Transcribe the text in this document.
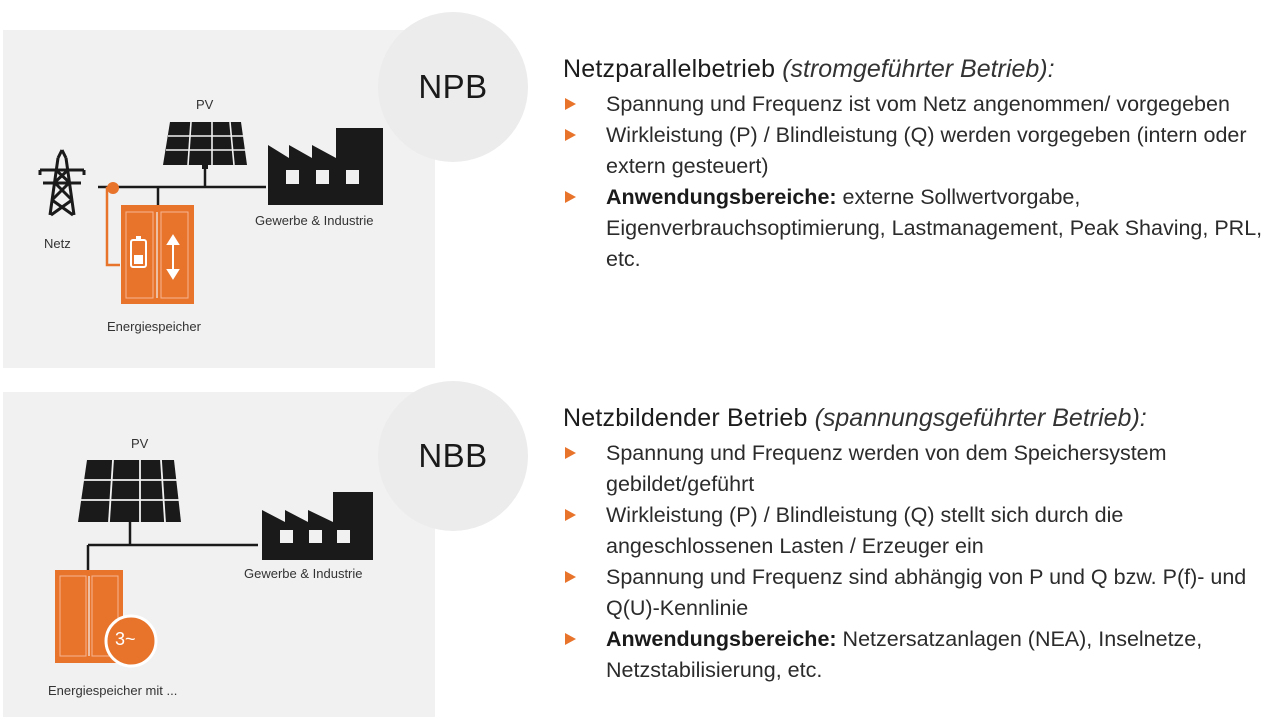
NPB
PV
Netz
Gewerbe & Industrie
Energiespeicher
NBB
PV
Gewerbe & Industrie
Energiespeicher mit ...
3~
Netzparallelbetrieb (stromgeführter Betrieb):
Spannung und Frequenz ist vom Netz angenommen/ vorgegeben
Wirkleistung (P) / Blindleistung (Q) werden vorgegeben (intern oder extern gesteuert)
Anwendungsbereiche: externe Sollwertvorgabe, Eigenverbrauchsoptimierung, Lastmanagement, Peak Shaving, PRL, etc.
Netzbildender Betrieb (spannungsgeführter Betrieb):
Spannung und Frequenz werden von dem Speichersystem gebildet/geführt
Wirkleistung (P) / Blindleistung (Q) stellt sich durch die angeschlossenen Lasten / Erzeuger ein
Spannung und Frequenz sind abhängig von P und Q bzw. P(f)- und Q(U)-Kennlinie
Anwendungsbereiche: Netzersatzanlagen (NEA), Inselnetze, Netzstabilisierung, etc.
